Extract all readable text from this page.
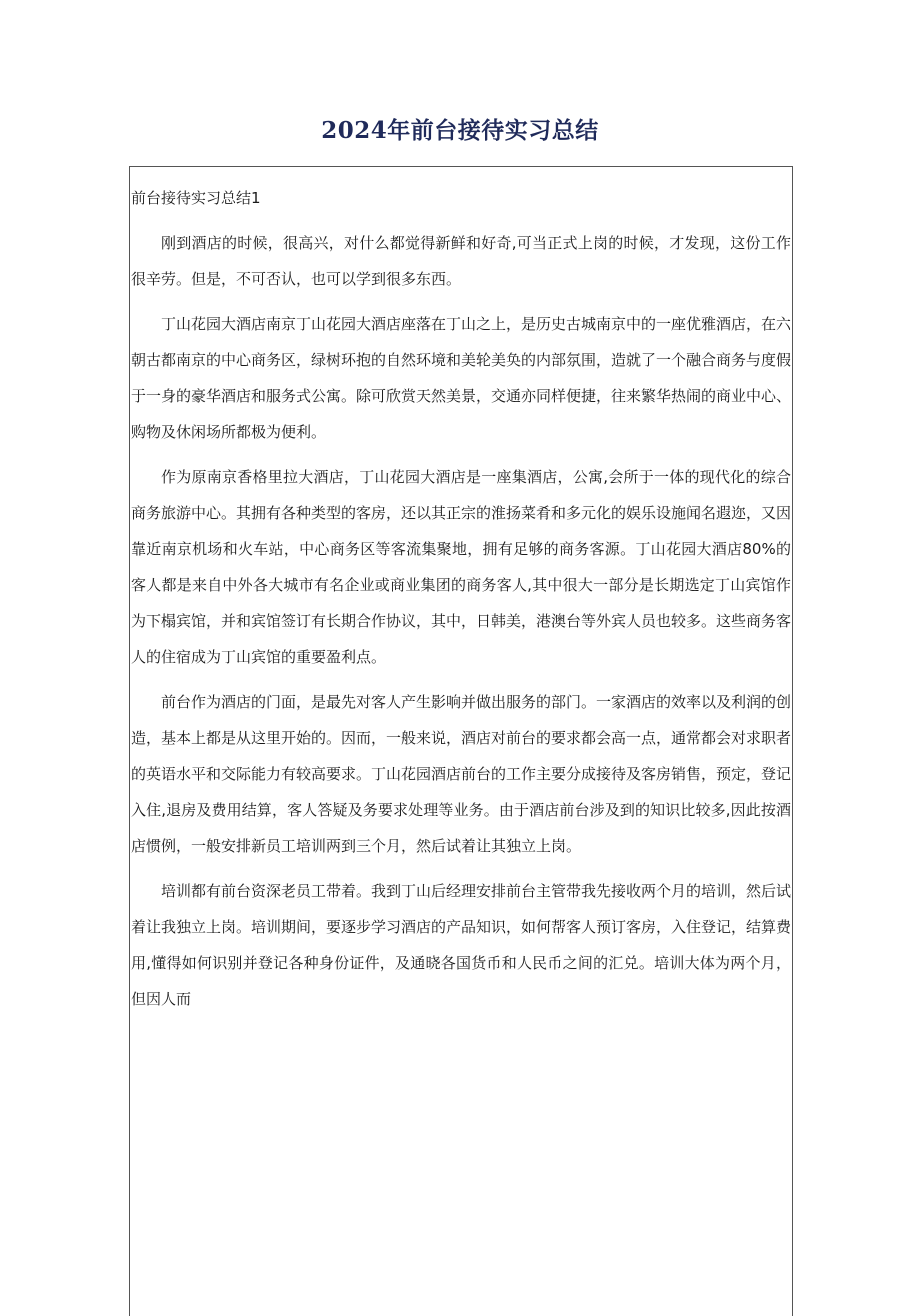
2024年前台接待实习总结

前台接待实习总结1

刚到酒店的时候，很高兴，对什么都觉得新鲜和好奇,可当正式上岗的时候，才发现，这份工作很辛劳。但是，不可否认，也可以学到很多东西。

丁山花园大酒店南京丁山花园大酒店座落在丁山之上，是历史古城南京中的一座优雅酒店，在六朝古都南京的中心商务区，绿树环抱的自然环境和美轮美奂的内部氛围，造就了一个融合商务与度假于一身的豪华酒店和服务式公寓。除可欣赏天然美景，交通亦同样便捷，往来繁华热闹的商业中心、购物及休闲场所都极为便利。

作为原南京香格里拉大酒店，丁山花园大酒店是一座集酒店，公寓,会所于一体的现代化的综合商务旅游中心。其拥有各种类型的客房，还以其正宗的淮扬菜肴和多元化的娱乐设施闻名遐迩，又因靠近南京机场和火车站，中心商务区等客流集聚地，拥有足够的商务客源。丁山花园大酒店80%的客人都是来自中外各大城市有名企业或商业集团的商务客人,其中很大一部分是长期选定丁山宾馆作为下榻宾馆，并和宾馆签订有长期合作协议，其中，日韩美，港澳台等外宾人员也较多。这些商务客人的住宿成为丁山宾馆的重要盈利点。

前台作为酒店的门面，是最先对客人产生影响并做出服务的部门。一家酒店的效率以及利润的创造，基本上都是从这里开始的。因而，一般来说，酒店对前台的要求都会高一点，通常都会对求职者的英语水平和交际能力有较高要求。丁山花园酒店前台的工作主要分成接待及客房销售，预定，登记入住,退房及费用结算，客人答疑及务要求处理等业务。由于酒店前台涉及到的知识比较多,因此按酒店惯例，一般安排新员工培训两到三个月，然后试着让其独立上岗。

培训都有前台资深老员工带着。我到丁山后经理安排前台主管带我先接收两个月的培训，然后试着让我独立上岗。培训期间，要逐步学习酒店的产品知识，如何帮客人预订客房，入住登记，结算费用,懂得如何识别并登记各种身份证件，及通晓各国货币和人民币之间的汇兑。培训大体为两个月，但因人而
